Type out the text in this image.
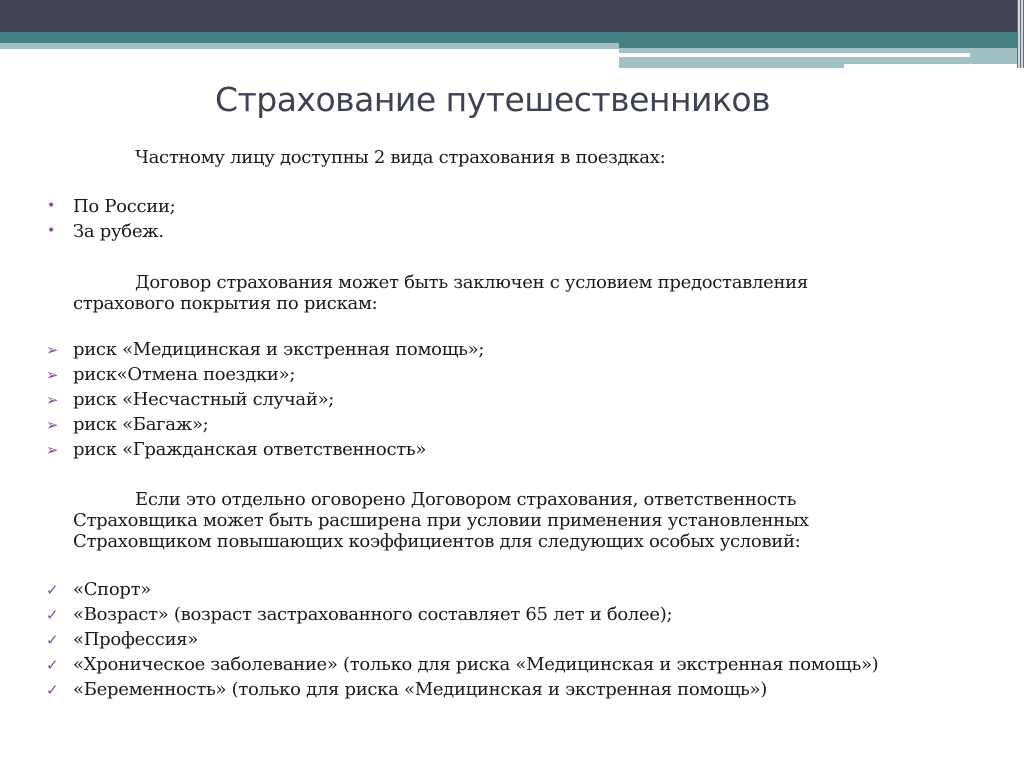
Страхование путешественников
Частному лицу доступны 2 вида страхования в поездках:
Договор страхования может быть заключен с условием предоставления
страхового покрытия по рискам:
Если это отдельно оговорено Договором страхования, ответственность
Страховщика может быть расширена при условии применения установленных
Страховщиком повышающих коэффициентов для следующих особых условий:
• По России;
• За рубеж.
➢ риск «Медицинская и экстренная помощь»;
➢ риск«Отмена поездки»;
➢ риск «Несчастный случай»;
➢ риск «Багаж»;
➢ риск «Гражданская ответственность»
✓ «Спорт»
✓ «Возраст» (возраст застрахованного составляет 65 лет и более);
✓ «Профессия»
✓ «Хроническое заболевание» (только для риска «Медицинская и экстренная помощь»)
✓ «Беременность» (только для риска «Медицинская и экстренная помощь»)
